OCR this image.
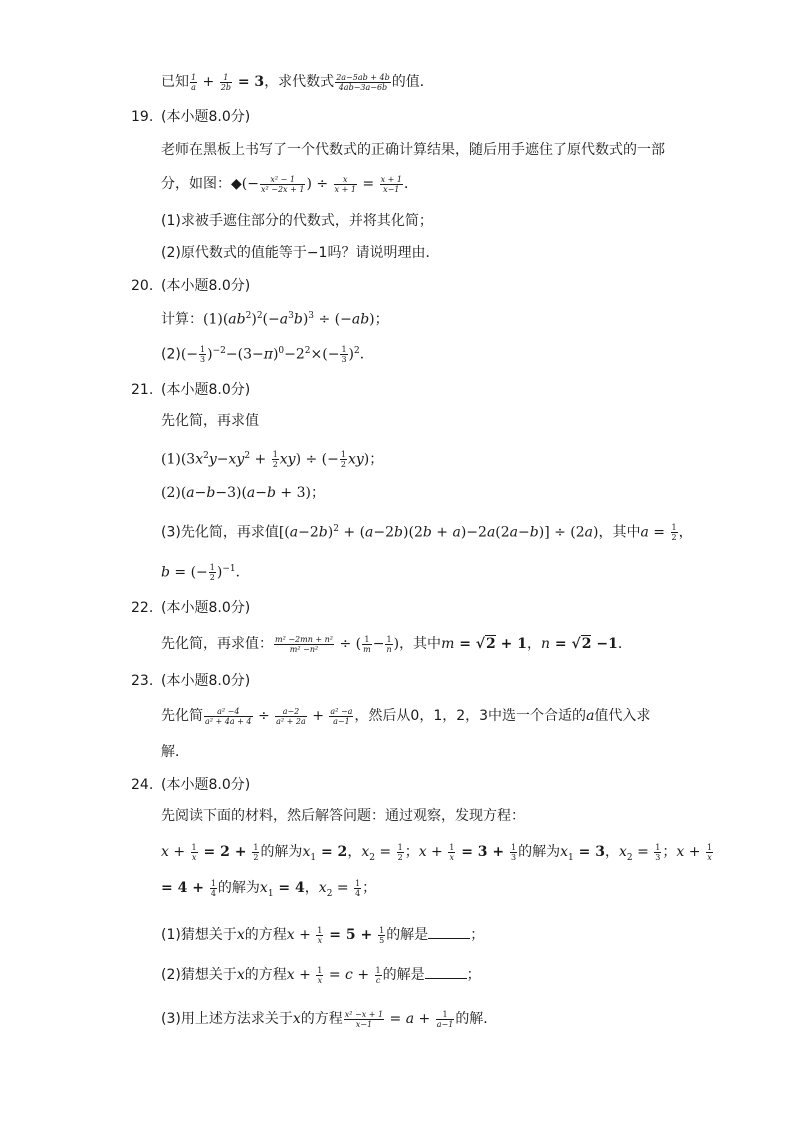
已知 $\frac{1}{a} + \frac{1}{2b} = 3$，求代数式 $\frac{2a-5ab + 4b}{4ab-3a-6b}$ 的值．
19. (本小题8.0分)
老师在黑板上书写了一个代数式的正确计算结果，随后用手遮住了原代数式的一部
分，如图：◆(− $\frac{\text{x² − 1}}{\text{x² −2x + 1}}$ ) ÷ $\frac{x}{x + 1} = \frac{x + 1}{x-1}$ ．
(1)求被手遮住部分的代数式，并将其化简；
(2)原代数式的值能等于−1吗？请说明理由．
20. (本小题8.0分)
计算：$(1)(ab^2)^2(-a^3b)^3 \div (-ab)$；
$(2)(- \frac{1}{3} )^{-2}-(3-\pi)^0-2^2\times(- \frac{1}{3} )^2$．
21. (本小题8.0分)
先化简，再求值
$(1)(3x^2y-xy^2 + \frac{1}{2} xy)$ ÷ (− $\frac{1}{2} xy$)；
(2)(a−b−3)(a−b + 3)；
(3)先化简，再求值$[(a-2b)^2 + (a-2b)(2b + a)-2a(2a-b)] \div (2a)$，其中$a = \frac{1}{2}$ ，
b = (− $\frac{1}{2} )^{-1}$．
22. (本小题8.0分)
先化简，再求值： $\frac{\text{m² −2mn + n²}}{\text{m² −n²}}$ ÷ ( $\frac{1}{m} - \frac{1}{n}$ )，其中m = √2 + 1，n = √2 −1．
23. (本小题8.0分)
先化简 $\frac{\text{a² −4}}{\text{a² + 4a + 4}} \div \frac{a-2}{\text{a² + 2a}} + \frac{\text{a² −a}}{a-1}$ ，然后从0，1，2，3中选一个合适的a值代入求
解．
24. (本小题8.0分)
先阅读下面的材料，然后解答问题：通过观察，发现方程：
$x + \frac{1}{x} = 2 + \frac{1}{2}$ 的解为$x_1 = 2$，$x_2 = \frac{1}{2}$ ；$x + \frac{1}{x} = 3 + \frac{1}{3}$ 的解为$x_1 = 3$，$x_2 = \frac{1}{3}$ ；$x + \frac{1}{x}$
= $4 + \frac{1}{4}$ 的解为$x_1 = 4$，$x_2 = \frac{1}{4}$ ；
(1)猜想关于x的方程$x + \frac{1}{x} = 5 + \frac{1}{5}$ 的解是	；
(2)猜想关于x的方程$x + \frac{1}{x} = c + \frac{1}{c}$ 的解是	；
(3)用上述方法求关于x的方程 $\frac{\text{x² −x + 1}}{x-1} = a + \frac{1}{a-1}$ 的解．
